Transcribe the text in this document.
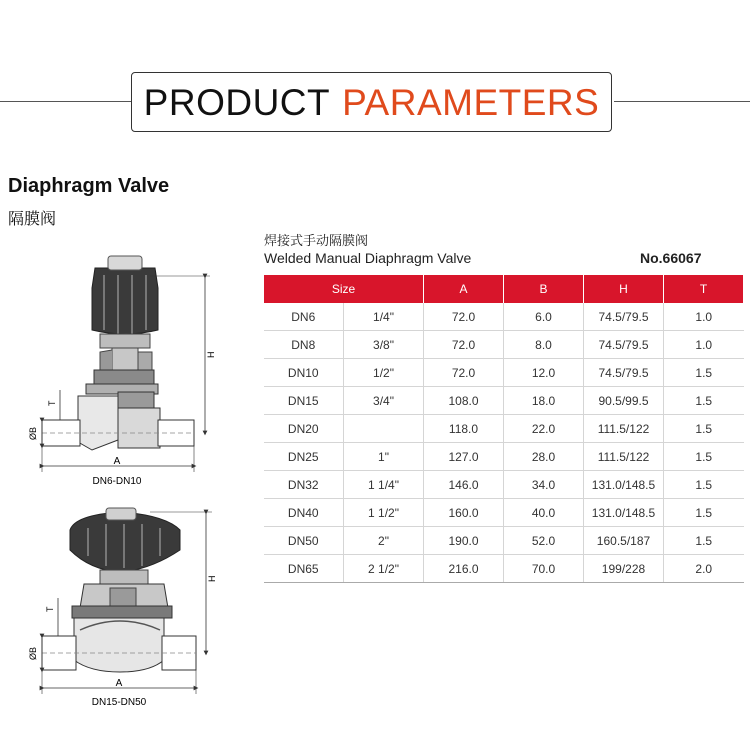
PRODUCT PARAMETERS
Diaphragm Valve
隔膜阀
焊接式手动隔膜阀
Welded Manual Diaphragm Valve	No.66067
Size		A	B	H	T
DN6	1/4"	72.0	6.0	74.5/79.5	1.0
DN8	3/8"	72.0	8.0	74.5/79.5	1.0
DN10	1/2"	72.0	12.0	74.5/79.5	1.5
DN15	3/4"	108.0	18.0	90.5/99.5	1.5
DN20		118.0	22.0	111.5/122	1.5
DN25	1"	127.0	28.0	111.5/122	1.5
DN32	1 1/4"	146.0	34.0	131.0/148.5	1.5
DN40	1 1/2"	160.0	40.0	131.0/148.5	1.5
DN50	2"	190.0	52.0	160.5/187	1.5
DN65	2 1/2"	216.0	70.0	199/228	2.0
H
T
ØB
A
DN6-DN10
H
T
ØB
A
DN15-DN50
